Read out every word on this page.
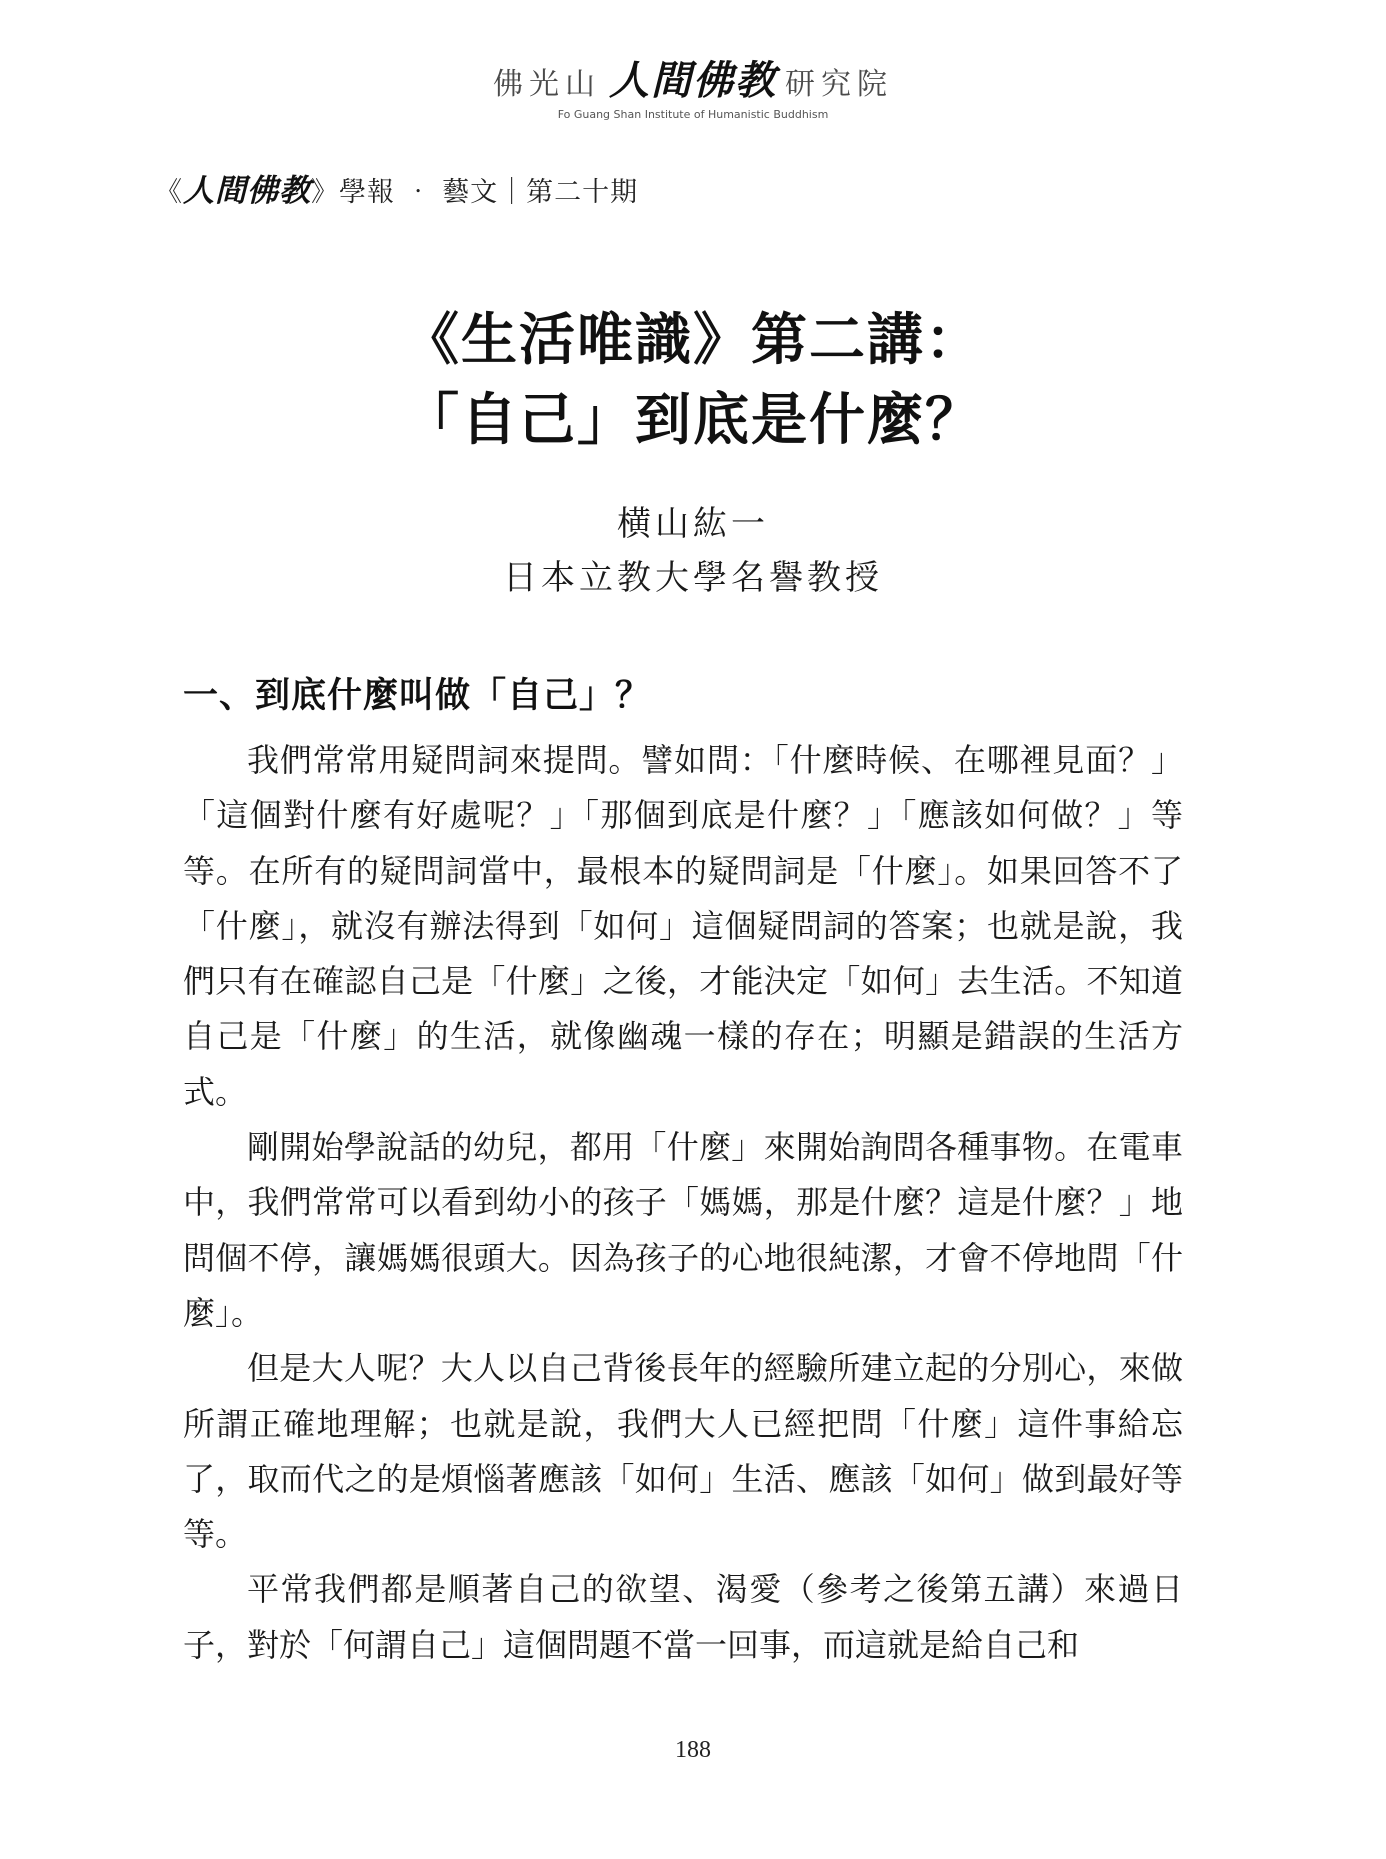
佛光山 人間佛教 研究院
Fo Guang Shan Institute of Humanistic Buddhism
《人間佛教》學報 ‧ 藝文｜第二十期
《生活唯識》第二講：
「自己」到底是什麼？
横山紘一
日本立教大學名譽教授
一、到底什麼叫做「自己」？

我們常常用疑問詞來提問。譬如問：「什麼時候、在哪裡見面？」「這個對什麼有好處呢？」「那個到底是什麼？」「應該如何做？」等等。在所有的疑問詞當中，最根本的疑問詞是「什麼」。如果回答不了「什麼」，就沒有辦法得到「如何」這個疑問詞的答案；也就是說，我們只有在確認自己是「什麼」之後，才能決定「如何」去生活。不知道自己是「什麼」的生活，就像幽魂一樣的存在；明顯是錯誤的生活方式。

剛開始學說話的幼兒，都用「什麼」來開始詢問各種事物。在電車中，我們常常可以看到幼小的孩子「媽媽，那是什麼？這是什麼？」地問個不停，讓媽媽很頭大。因為孩子的心地很純潔，才會不停地問「什麼」。

但是大人呢？大人以自己背後長年的經驗所建立起的分別心，來做所謂正確地理解；也就是說，我們大人已經把問「什麼」這件事給忘了，取而代之的是煩惱著應該「如何」生活、應該「如何」做到最好等等。

平常我們都是順著自己的欲望、渴愛（參考之後第五講）來過日子，對於「何謂自己」這個問題不當一回事，而這就是給自己和

188
